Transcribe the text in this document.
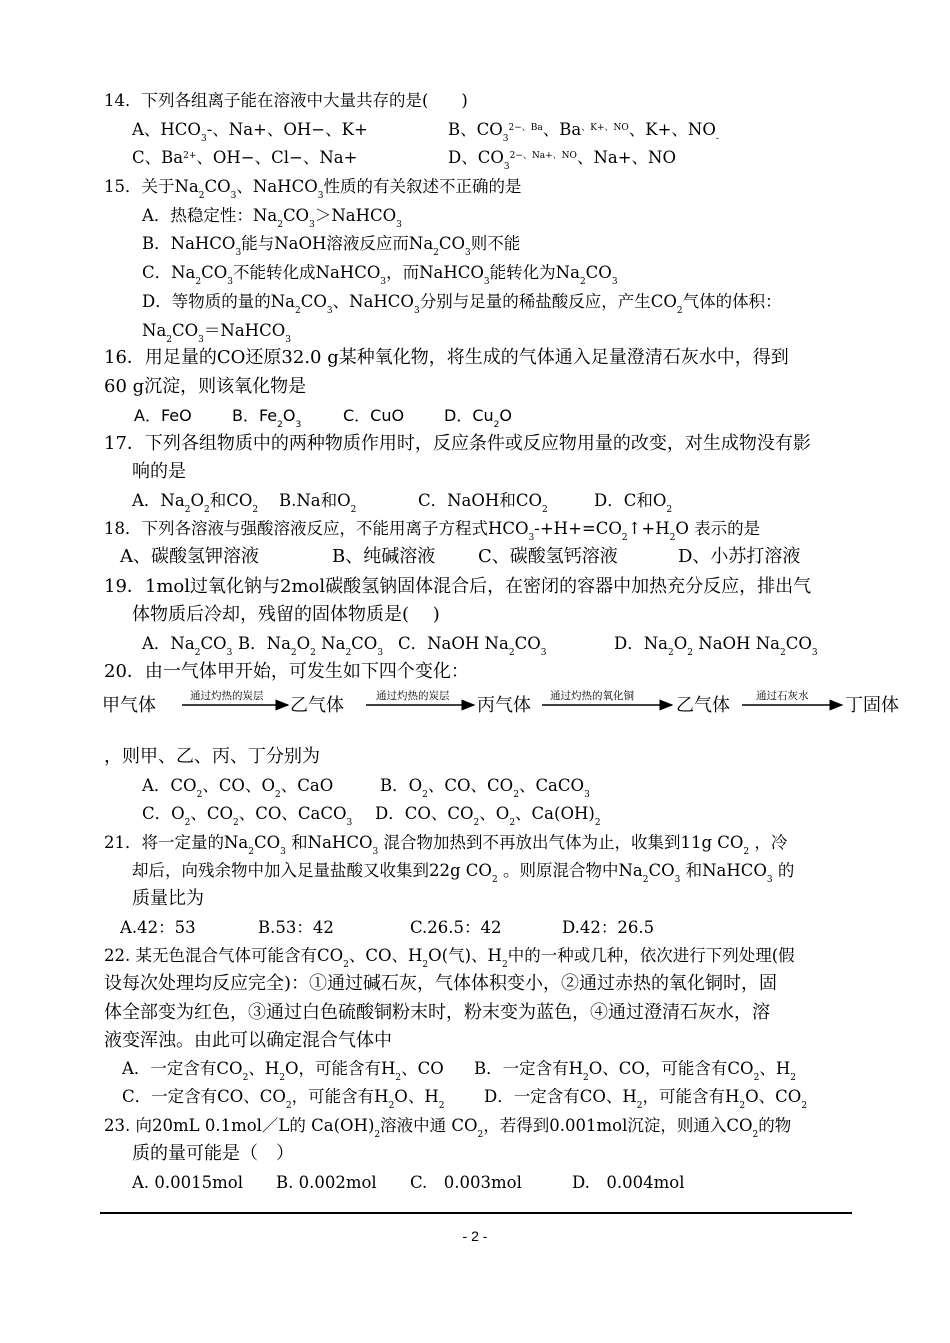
14．下列各组离子能在溶液中大量共存的是(　　)
A、$HCO_3-$、Na+、OH−、K+	B、$CO_3^{2-、Ba}$、$Ba^{、K+、NO}$、K+、$NO_-$
C、$Ba^{2+}$、OH−、Cl−、Na+	D、$CO_3^{2-、Na+、NO}$、Na+、NO
15．关于$Na_2CO_3$、NaHCO$_3$性质的有关叙述不正确的是
A．热稳定性：$Na_2CO_3>NaHCO_3$
B．NaHCO$_3$能与NaOH溶液反应而$Na_2CO_3$则不能
C．$Na_2CO_3$不能转化成NaHCO$_3$，而NaHCO$_3$能转化为$Na_2CO_3$
D．等物质的量的$Na_2CO_3$、NaHCO$_3$分别与足量的稀盐酸反应，产生$CO_2$气体的体积：
$Na_2CO_3=NaHCO_3$
16．用足量的CO还原32.0 g某种氧化物，将生成的气体通入足量澄清石灰水中，得到
60 g沉淀，则该氧化物是
A．FeO	B．$Fe_2O_3$	C．CuO D．$Cu_2O$
17．下列各组物质中的两种物质作用时，反应条件或反应物用量的改变，对生成物没有影
响的是
A．$Na_2O_2$和$CO_2$ B.Na和$O_2$	C．NaOH和$CO_2$	D．C和$O_2$
18．下列各溶液与强酸溶液反应，不能用离子方程式$HCO_3-+H+=CO_2↑+H_2O$ 表示的是
A、碳酸氢钾溶液	B、纯碱溶液 C、碳酸氢钙溶液	D、小苏打溶液
19．1mol过氧化钠与2mol碳酸氢钠固体混合后，在密闭的容器中加热充分反应，排出气
体物质后冷却，残留的固体物质是(　 )
A．$Na_2CO_3$ B．$Na_2O_2$ $Na_2CO_3$ C．NaOH $Na_2CO_3$	D．$Na_2O_2$ NaOH $Na_2CO_3$
20．由一气体甲开始，可发生如下四个变化：
甲气体	通过灼热的炭层 乙气体	通过灼热的炭层 丙气体 通过灼热的氧化铜 乙气体 通过石灰水 丁固体
，则甲、乙、丙、丁分别为
A．$CO_2$、CO、$O_2$、CaO	B．$O_2$、CO、$CO_2$、CaCO$_3$
C．$O_2$、$CO_2$、CO、CaCO$_3$ D．CO、$CO_2$、$O_2$、$Ca(OH)_2$
21．将一定量的$Na_2CO_3$ 和NaHCO$_3$ 混合物加热到不再放出气体为止，收集到11g $CO_2$ ，冷
却后，向残余物中加入足量盐酸又收集到22g $CO_2$ 。则原混合物中$Na_2CO_3$ 和NaHCO$_3$ 的
质量比为
A.42：53	B.53：42	C.26.5：42	D.42：26.5
22. 某无色混合气体可能含有$CO_2$、CO、$H_2O$(气)、$H_2$中的一种或几种，依次进行下列处理(假
设每次处理均反应完全)：①通过碱石灰，气体体积变小，②通过赤热的氧化铜时，固
体全部变为红色，③通过白色硫酸铜粉末时，粉末变为蓝色，④通过澄清石灰水，溶
液变浑浊。由此可以确定混合气体中
A．一定含有$CO_2$、$H_2O$，可能含有$H_2$、CO B．一定含有$H_2O$、CO，可能含有$CO_2$、$H_2$
C．一定含有CO、$CO_2$，可能含有$H_2O$、$H_2$ D．一定含有CO、$H_2$，可能含有$H_2O$、$CO_2$
23. 向20mL 0.1mol／L的 $Ca(OH)_2$溶液中通 $CO_2$，若得到0.001mol沉淀，则通入$CO_2$的物
质的量可能是（　）
A. 0.0015mol B. 0.002mol C.　0.003mol	D.　0.004mol
- 2 -
